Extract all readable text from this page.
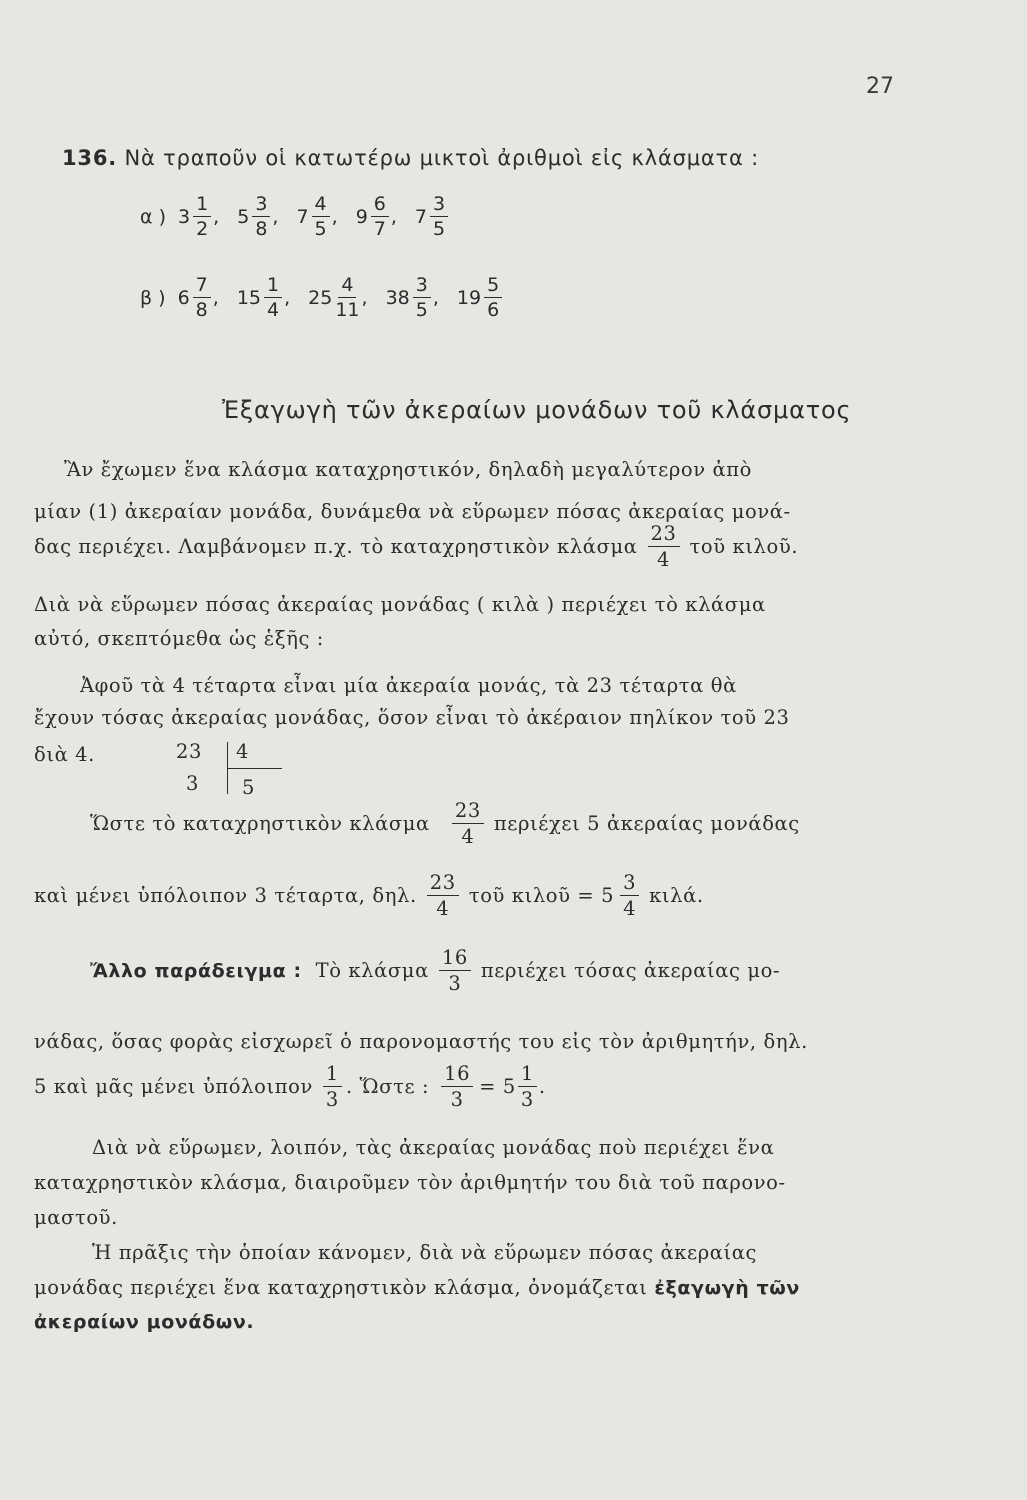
27
136. Νὰ τραποῦν οἱ κατωτέρω μικτοὶ ἀριθμοὶ εἰς κλάσματα :
α ) $3 \frac{1}{2}$ , $5 \frac{3}{8}$ , $7 \frac{4}{5}$ , $9 \frac{6}{7}$ , $7 \frac{3}{5}$
β ) $6 \frac{7}{8}$ , $15 \frac{1}{4}$ , $25 \frac{4}{11}$ , $38 \frac{3}{5}$ , $19 \frac{5}{6}$
Ἐξαγωγὴ τῶν ἀκεραίων μονάδων τοῦ κλάσματος
Ἂν ἔχωμεν ἕνα κλάσμα καταχρηστικόν, δηλαδὴ μεγαλύτερον ἀπὸ
μίαν (1) ἀκεραίαν μονάδα, δυνάμεθα νὰ εὕρωμεν πόσας ἀκεραίας μονά-
δας περιέχει. Λαμβάνομεν π.χ. τὸ καταχρηστικὸν κλάσμα $\frac{23}{4}$ τοῦ κιλοῦ.
Διὰ νὰ εὕρωμεν πόσας ἀκεραίας μονάδας ( κιλὰ ) περιέχει τὸ κλάσμα
αὐτό, σκεπτόμεθα ὡς ἑξῆς :
Ἀφοῦ τὰ 4 τέταρτα εἶναι μία ἀκεραία μονάς, τὰ 23 τέταρτα θὰ
ἔχουν τόσας ἀκεραίας μονάδας, ὅσον εἶναι τὸ ἀκέραιον πηλίκον τοῦ 23
διὰ 4.	23 4
3 5
Ὥστε τὸ καταχρηστικὸν κλάσμα $\frac{23}{4}$ περιέχει 5 ἀκεραίας μονάδας
καὶ μένει ὑπόλοιπον 3 τέταρτα, δηλ. $\frac{23}{4}$ τοῦ κιλοῦ = $5 \frac{3}{4} \kappa\iota\lambda ά$.
Ἄλλο παράδειγμα : Τὸ κλάσμα $\frac{16}{3}$ περιέχει τόσας ἀκεραίας μο-
νάδας, ὅσας φορὰς εἰσχωρεῖ ὁ παρονομαστής του εἰς τὸν ἀριθμητήν, δηλ.
5 καὶ μᾶς μένει ὑπόλοιπον $\frac{1}{3}$ . Ὥστε : $\frac{16}{3} = 5 \frac{1}{3}$ .
Διὰ νὰ εὕρωμεν, λοιπόν, τὰς ἀκεραίας μονάδας ποὺ περιέχει ἕνα
καταχρηστικὸν κλάσμα, διαιροῦμεν τὸν ἀριθμητήν του διὰ τοῦ παρονο-
μαστοῦ.
Ἡ πρᾶξις τὴν ὁποίαν κάνομεν, διὰ νὰ εὕρωμεν πόσας ἀκεραίας
μονάδας περιέχει ἕνα καταχρηστικὸν κλάσμα, ὀνομάζεται ἐξαγωγὴ τῶν
ἀκεραίων μονάδων.
